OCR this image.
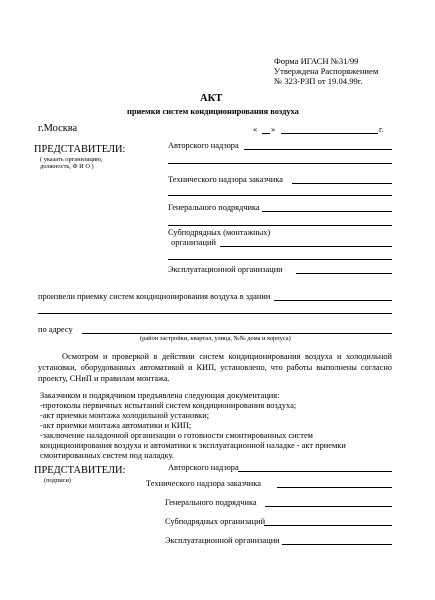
Форма ИГАСН №31/99
Утверждена Распоряжением
№ 323-РЗП от 19.04.99г.
АКТ
приемки систем кондиционирования воздуха
г.Москва	« »	г.
ПРЕДСТАВИТЕЛИ:
( указать организацию,
должность, Ф И О )
Авторского надзора
Технического надзора заказчика
Генерального подрядчика
Субподрядных (монтажных)
организаций
Эксплуатационной организации
произвели приемку систем кондиционирования воздуха в здании
по адресу
(район застройки, квартал, улица, №№ дома и корпуса)
Осмотром и проверкой в действии систем кондиционирования воздуха и холодильной установки, оборудованных автоматикой и КИП, установлено, что работы выполнены согласно проекту, СНиП и правилам монтажа.
Заказчиком и подрядчиком предъявлена следующая документация:
-протоколы первичных испытаний систем кондиционирования воздуха;
-акт приемки монтажа холодильной установки;
-акт приемки монтажа автоматики и КИП;
-заключение наладочной организации о готовности смонтированных систем
кондиционирования воздуха и автоматики к эксплуатационной наладке - акт приемки
смонтированных систем под наладку.
ПРЕДСТАВИТЕЛИ:
(подписи)
Авторского надзора
Технического надзора заказчика
Генерального подрядчика
Субподрядных организаций
Эксплуатационной организации
